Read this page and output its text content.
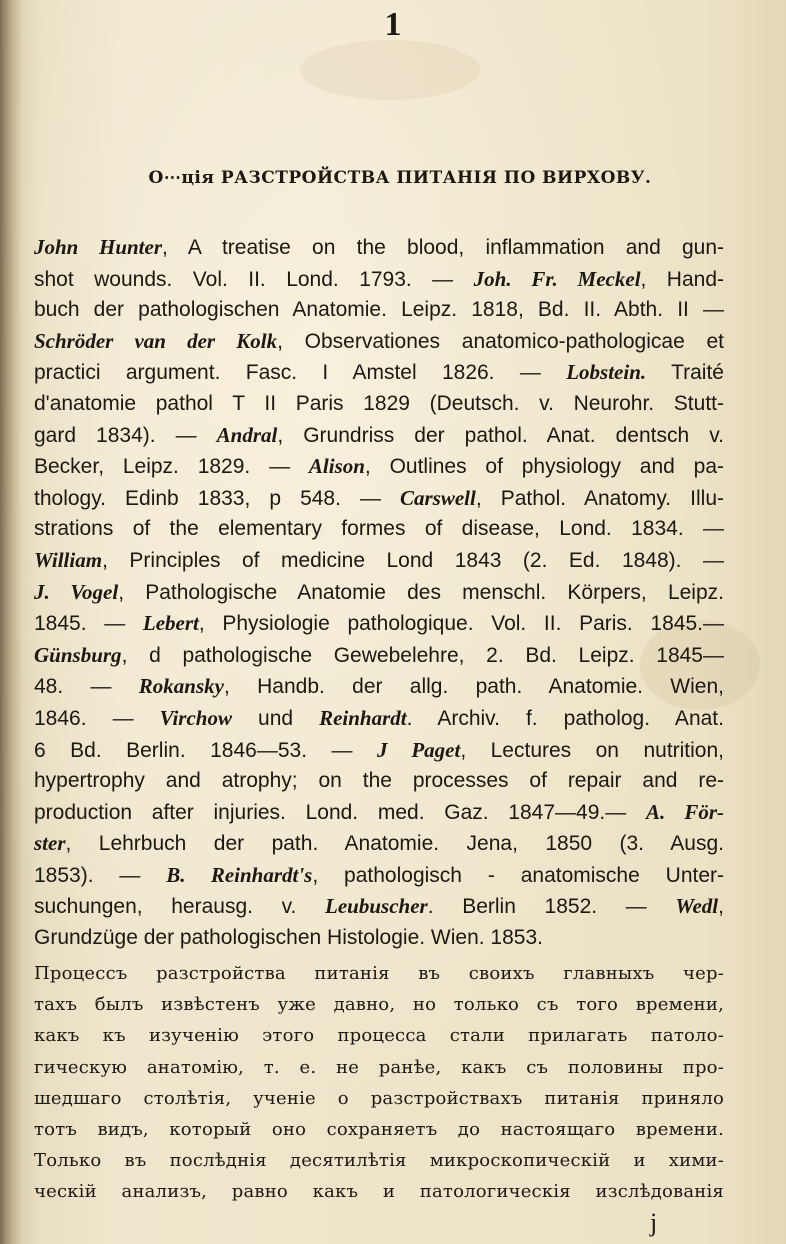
1

О⋯ція РАЗСТРОЙСТВА ПИТАНІЯ ПО ВИРХОВУ.
John Hunter, A treatise on the blood, inflammation and gun-
shot wounds. Vol. II. Lond. 1793. — Joh. Fr. Meckel, Hand-
buch der pathologischen Anatomie. Leipz. 1818, Bd. II. Abth. II —
Schröder van der Kolk, Observationes anatomico-pathologicae et
practici argument. Fasc. I Amstel 1826. — Lobstein. Traité
d'anatomie pathol T II Paris 1829 (Deutsch. v. Neurohr. Stutt-
gard 1834). — Andral, Grundriss der pathol. Anat. dentsch v.
Becker, Leipz. 1829. — Alison, Outlines of physiology and pa-
thology. Edinb 1833, p 548. — Carswell, Pathol. Anatomy. Illu-
strations of the elementary formes of disease, Lond. 1834. —
William, Principles of medicine Lond 1843 (2. Ed. 1848). —
J. Vogel, Pathologische Anatomie des menschl. Körpers, Leipz.
1845. — Lebert, Physiologie pathologique. Vol. II. Paris. 1845.—
Günsburg, d pathologische Gewebelehre, 2. Bd. Leipz. 1845—
48. — Rokansky, Handb. der allg. path. Anatomie. Wien,
1846. — Virchow und Reinhardt. Archiv. f. patholog. Anat.
6 Bd. Berlin. 1846—53. — J Paget, Lectures on nutrition,
hypertrophy and atrophy; on the processes of repair and re-
production after injuries. Lond. med. Gaz. 1847—49.— A. För-
ster, Lehrbuch der path. Anatomie. Jena, 1850 (3. Ausg.
1853). — B. Reinhardt's, pathologisch - anatomische Unter-
suchungen, herausg. v. Leubuscher. Berlin 1852. — Wedl,
Grundzüge der pathologischen Histologie. Wien. 1853.
Процессъ разстройства питанія въ своихъ главныхъ чер-
тахъ былъ извѣстенъ уже давно, но только съ того времени,
какъ къ изученію этого процесса стали прилагать патоло-
гическую анатомію, т. е. не ранѣе, какъ съ половины про-
шедшаго столѣтія, ученіе о разстройствахъ питанія приняло
тотъ видъ, который оно сохраняетъ до настоящаго времени.
Только въ послѣднія десятилѣтія микроскопическій и хими-
ческій анализъ, равно какъ и патологическія изслѣдованія

j
